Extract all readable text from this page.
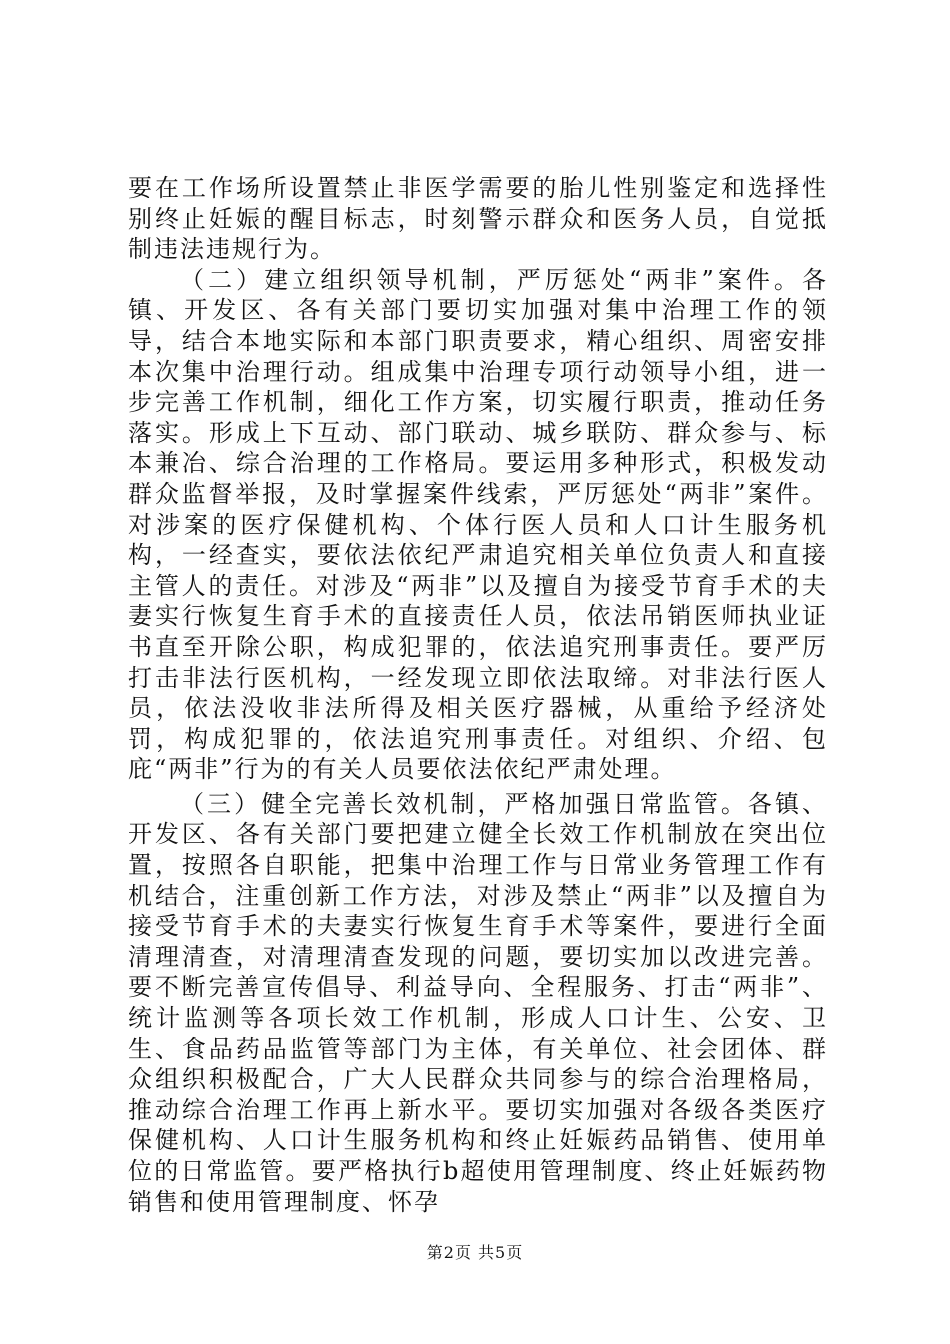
要在工作场所设置禁止非医学需要的胎儿性别鉴定和选择性别终止妊娠的醒目标志，时刻警示群众和医务人员，自觉抵制违法违规行为。

（二）建立组织领导机制，严厉惩处“两非”案件。各镇、开发区、各有关部门要切实加强对集中治理工作的领导，结合本地实际和本部门职责要求，精心组织、周密安排本次集中治理行动。组成集中治理专项行动领导小组，进一步完善工作机制，细化工作方案，切实履行职责，推动任务落实。形成上下互动、部门联动、城乡联防、群众参与、标本兼冶、综合治理的工作格局。要运用多种形式，积极发动群众监督举报，及时掌握案件线索，严厉惩处“两非”案件。对涉案的医疗保健机构、个体行医人员和人口计生服务机构，一经查实，要依法依纪严肃追究相关单位负责人和直接主管人的责任。对涉及“两非”以及擅自为接受节育手术的夫妻实行恢复生育手术的直接责任人员，依法吊销医师执业证书直至开除公职，构成犯罪的，依法追究刑事责任。要严厉打击非法行医机构，一经发现立即依法取缔。对非法行医人员，依法没收非法所得及相关医疗器械，从重给予经济处罚，构成犯罪的，依法追究刑事责任。对组织、介绍、包庇“两非”行为的有关人员要依法依纪严肃处理。

（三）健全完善长效机制，严格加强日常监管。各镇、开发区、各有关部门要把建立健全长效工作机制放在突出位置，按照各自职能，把集中治理工作与日常业务管理工作有机结合，注重创新工作方法，对涉及禁止“两非”以及擅自为接受节育手术的夫妻实行恢复生育手术等案件，要进行全面清理清查，对清理清查发现的问题，要切实加以改进完善。要不断完善宣传倡导、利益导向、全程服务、打击“两非”、统计监测等各项长效工作机制，形成人口计生、公安、卫生、食品药品监管等部门为主体，有关单位、社会团体、群众组织积极配合，广大人民群众共同参与的综合治理格局，推动综合治理工作再上新水平。要切实加强对各级各类医疗保健机构、人口计生服务机构和终止妊娠药品销售、使用单位的日常监管。要严格执行b超使用管理制度、终止妊娠药物销售和使用管理制度、怀孕

第2页 共5页
